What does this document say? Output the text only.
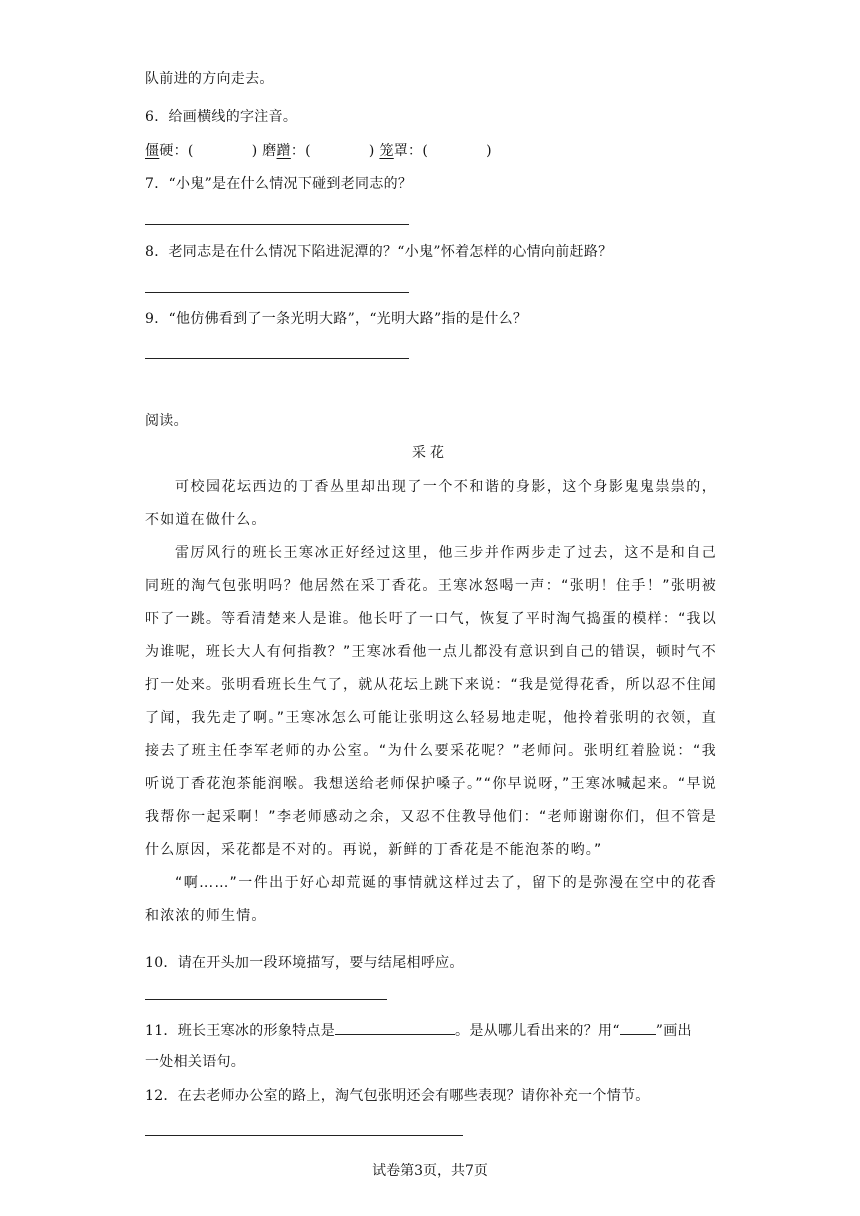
队前进的方向走去。
6．给画横线的字注音。
僵硬：(	) 磨蹭：(	) 笼罩：(	)
7．“小鬼”是在什么情况下碰到老同志的？
8．老同志是在什么情况下陷进泥潭的？“小鬼”怀着怎样的心情向前赶路？
9．“他仿佛看到了一条光明大路”，“光明大路”指的是什么？
阅读。
采花

可校园花坛西边的丁香丛里却出现了一个不和谐的身影，这个身影鬼鬼祟祟的，不如道在做什么。

雷厉风行的班长王寒冰正好经过这里，他三步并作两步走了过去，这不是和自己同班的淘气包张明吗？他居然在采丁香花。王寒冰怒喝一声：“张明！住手！”张明被吓了一跳。等看清楚来人是谁。他长吁了一口气，恢复了平时淘气捣蛋的模样：“我以为谁呢，班长大人有何指教？”王寒冰看他一点儿都没有意识到自己的错误，顿时气不打一处来。张明看班长生气了，就从花坛上跳下来说：“我是觉得花香，所以忍不住闻了闻，我先走了啊。”王寒冰怎么可能让张明这么轻易地走呢，他拎着张明的衣领，直接去了班主任李军老师的办公室。“为什么要采花呢？”老师问。张明红着脸说：“我听说丁香花泡茶能润喉。我想送给老师保护嗓子。”“你早说呀，”王寒冰喊起来。“早说我帮你一起采啊！”李老师感动之余，又忍不住教导他们：“老师谢谢你们，但不管是什么原因，采花都是不对的。再说，新鲜的丁香花是不能泡茶的哟。”

“啊……”一件出于好心却荒诞的事情就这样过去了，留下的是弥漫在空中的花香和浓浓的师生情。

10．请在开头加一段环境描写，要与结尾相呼应。
11．班长王寒冰的形象特点是	。是从哪儿看出来的？用“	”画出
一处相关语句。
12．在去老师办公室的路上，淘气包张明还会有哪些表现？请你补充一个情节。
试卷第3页，共7页
